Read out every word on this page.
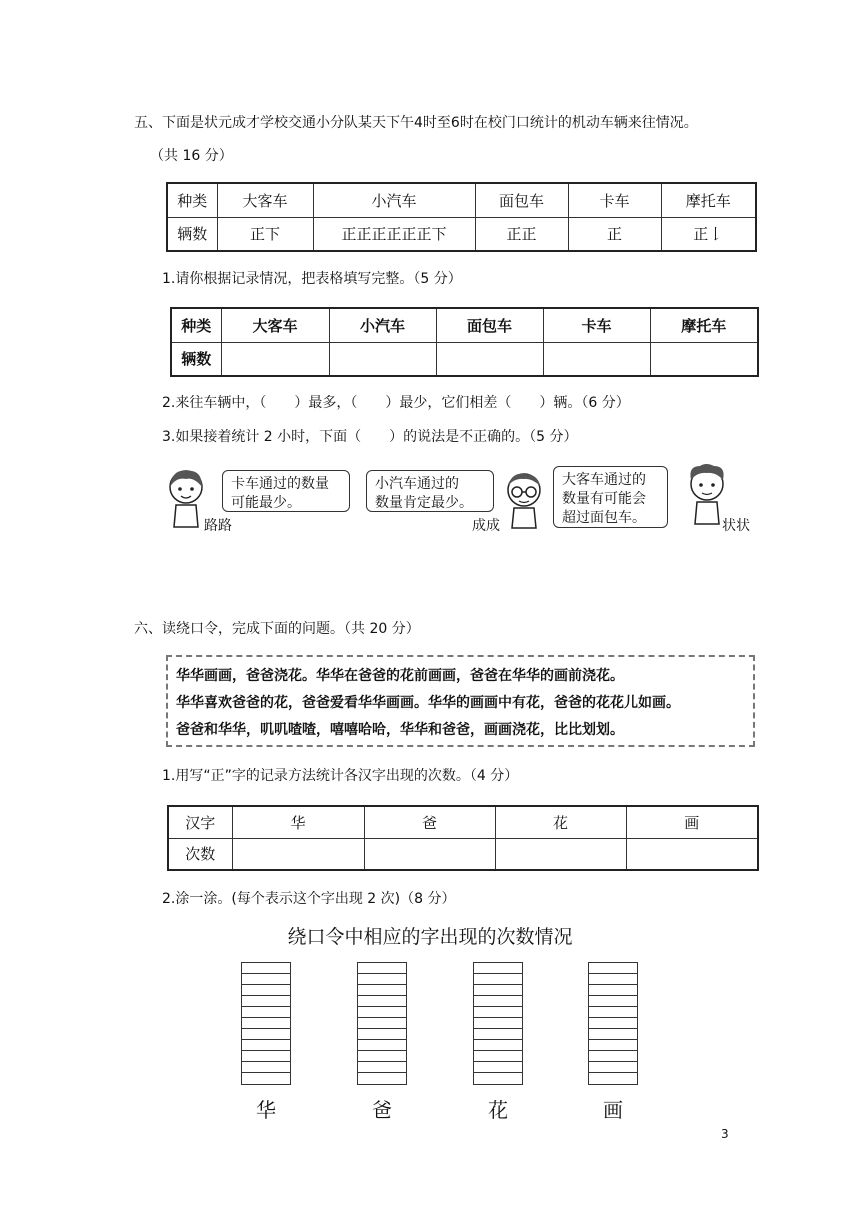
五、下面是状元成才学校交通小分队某天下午4时至6时在校门口统计的机动车辆来往情况。
（共 16 分）
种类	大客车	小汽车	面包车	卡车	摩托车
辆数	正下	正正正正正正下	正正	正	正𠄌
1.请你根据记录情况，把表格填写完整。（5 分）
种类	大客车	小汽车	面包车	卡车	摩托车
辆数					
2.来往车辆中，（　　）最多，（　　）最少，它们相差（　　）辆。（6 分）
3.如果接着统计 2 小时，下面（　　）的说法是不正确的。（5 分）
卡车通过的数量
可能最少。
路路
小汽车通过的
数量肯定最少。
成成
大客车通过的
数量有可能会
超过面包车。	状状
六、读绕口令，完成下面的问题。（共 20 分）
华华画画，爸爸浇花。华华在爸爸的花前画画，爸爸在华华的画前浇花。
华华喜欢爸爸的花，爸爸爱看华华画画。华华的画画中有花，爸爸的花花儿如画。
爸爸和华华，叽叽喳喳，嘻嘻哈哈，华华和爸爸，画画浇花，比比划划。
1.用写“正”字的记录方法统计各汉字出现的次数。（4 分）
汉字	华	爸	花	画
次数				
2.涂一涂。(每个表示这个字出现 2 次)（8 分）
绕口令中相应的字出现的次数情况
华	爸	花	画
3
